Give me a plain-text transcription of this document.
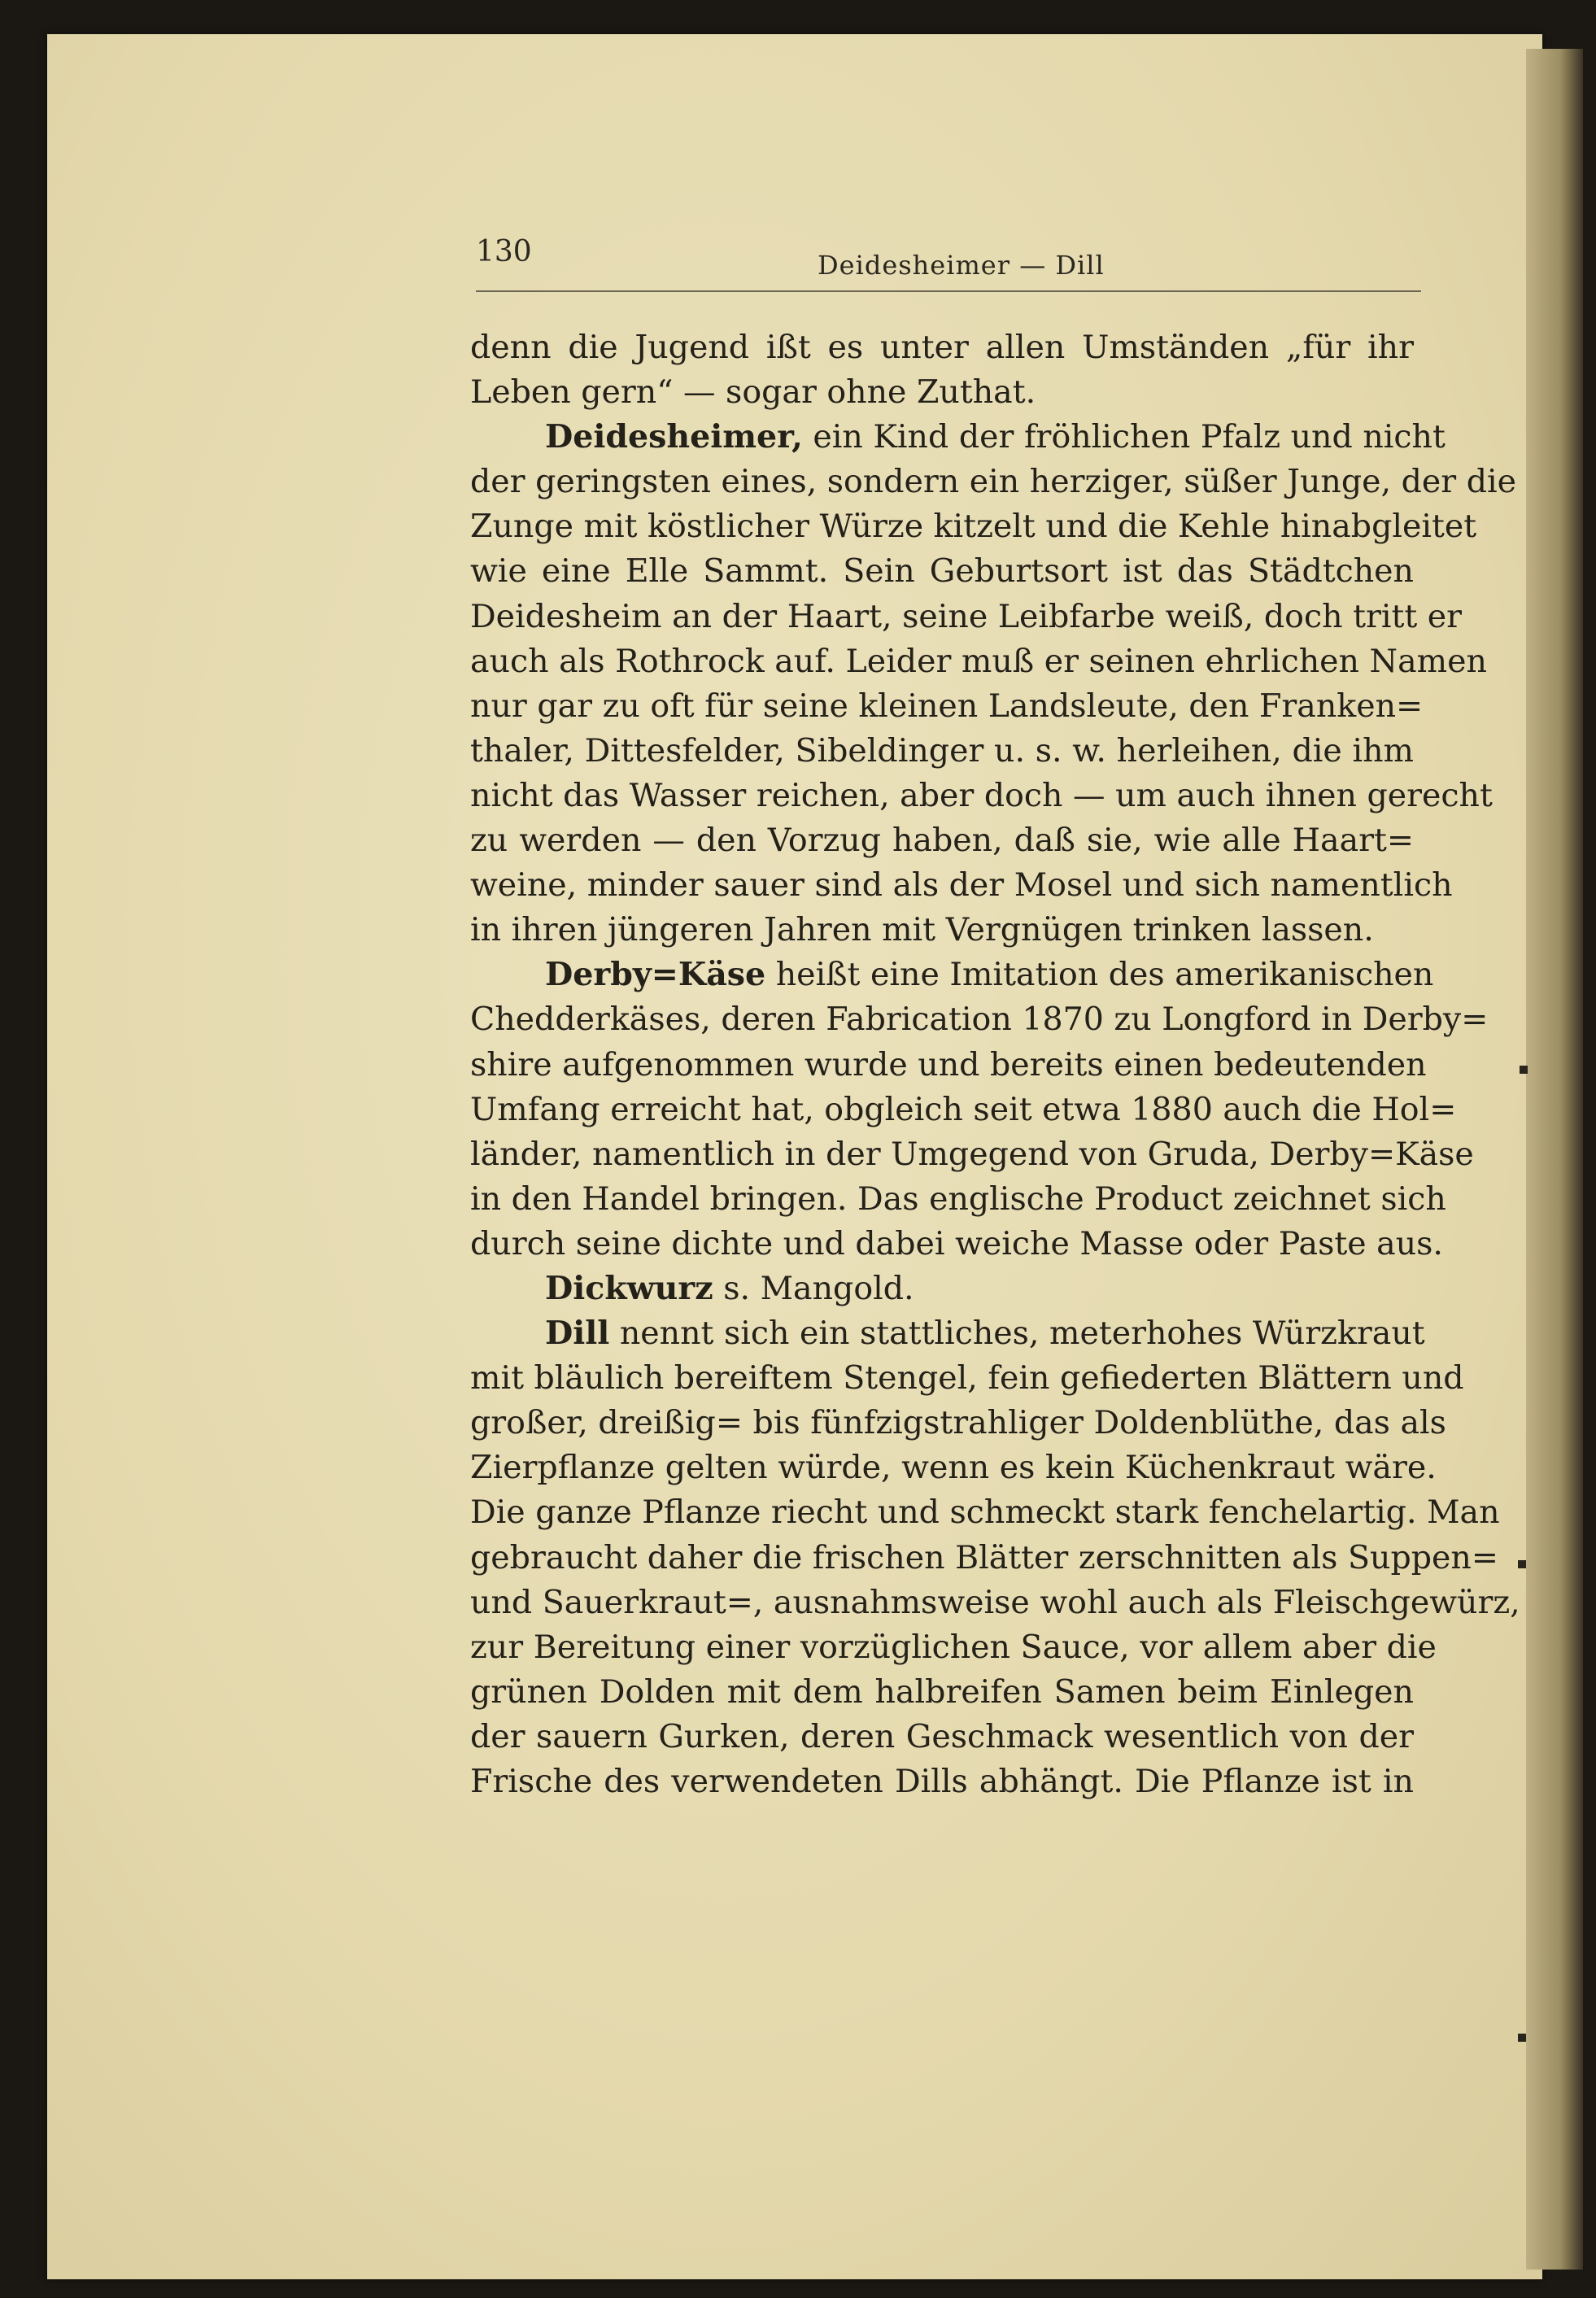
130	Deidesheimer — Dill
denn die Jugend ißt es unter allen Umständen „für ihr
Leben gern“ — sogar ohne Zuthat.
Deidesheimer, ein Kind der fröhlichen Pfalz und nicht
der geringsten eines, sondern ein herziger, süßer Junge, der die
Zunge mit köstlicher Würze kitzelt und die Kehle hinabgleitet
wie eine Elle Sammt. Sein Geburtsort ist das Städtchen
Deidesheim an der Haart, seine Leibfarbe weiß, doch tritt er
auch als Rothrock auf. Leider muß er seinen ehrlichen Namen
nur gar zu oft für seine kleinen Landsleute, den Franken=
thaler, Dittesfelder, Sibeldinger u. s. w. herleihen, die ihm
nicht das Wasser reichen, aber doch — um auch ihnen gerecht
zu werden — den Vorzug haben, daß sie, wie alle Haart=
weine, minder sauer sind als der Mosel und sich namentlich
in ihren jüngeren Jahren mit Vergnügen trinken lassen.
Derby=Käse heißt eine Imitation des amerikanischen
Chedderkäses, deren Fabrication 1870 zu Longford in Derby=
shire aufgenommen wurde und bereits einen bedeutenden
Umfang erreicht hat, obgleich seit etwa 1880 auch die Hol=
länder, namentlich in der Umgegend von Gruda, Derby=Käse
in den Handel bringen. Das englische Product zeichnet sich
durch seine dichte und dabei weiche Masse oder Paste aus.
Dickwurz s. Mangold.
Dill nennt sich ein stattliches, meterhohes Würzkraut
mit bläulich bereiftem Stengel, fein gefiederten Blättern und
großer, dreißig= bis fünfzigstrahliger Doldenblüthe, das als
Zierpflanze gelten würde, wenn es kein Küchenkraut wäre.
Die ganze Pflanze riecht und schmeckt stark fenchelartig. Man
gebraucht daher die frischen Blätter zerschnitten als Suppen=
und Sauerkraut=, ausnahmsweise wohl auch als Fleischgewürz,
zur Bereitung einer vorzüglichen Sauce, vor allem aber die
grünen Dolden mit dem halbreifen Samen beim Einlegen
der sauern Gurken, deren Geschmack wesentlich von der
Frische des verwendeten Dills abhängt. Die Pflanze ist in
